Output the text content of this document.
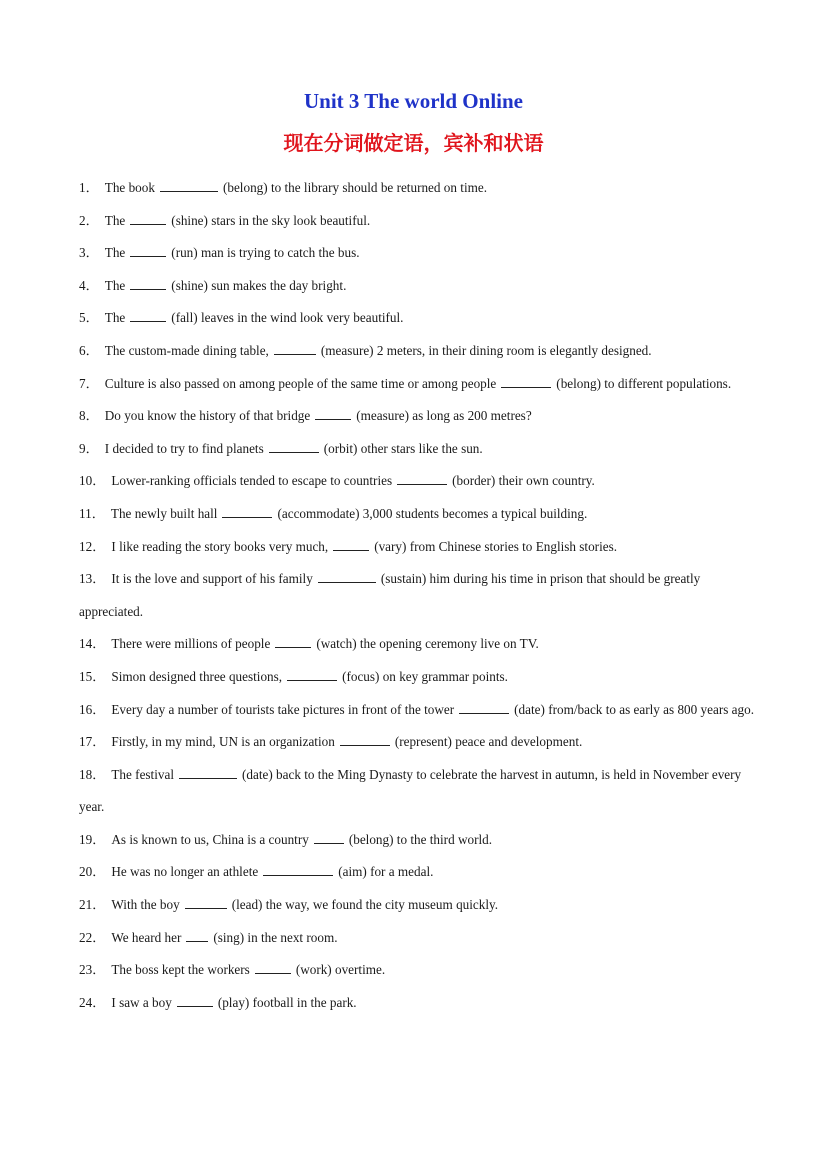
Unit 3 The world Online
现在分词做定语，宾补和状语
1． The book	(belong) to the library should be returned on time.
2． The	(shine) stars in the sky look beautiful.
3． The	(run) man is trying to catch the bus.
4． The	(shine) sun makes the day bright.
5． The	(fall) leaves in the wind look very beautiful.
6． The custom-made dining table,	(measure) 2 meters, in their dining room is elegantly designed.
7． Culture is also passed on among people of the same time or among people	(belong) to different populations.
8． Do you know the history of that bridge	(measure) as long as 200 metres?
9． I decided to try to find planets	(orbit) other stars like the sun.
10． Lower-ranking officials tended to escape to countries	(border) their own country.
11． The newly built hall	(accommodate) 3,000 students becomes a typical building.
12． I like reading the story books very much,	(vary) from Chinese stories to English stories.
13． It is the love and support of his family	(sustain) him during his time in prison that should be greatly appreciated.
14． There were millions of people	(watch) the opening ceremony live on TV.
15． Simon designed three questions,	(focus) on key grammar points.
16． Every day a number of tourists take pictures in front of the tower	(date) from/back to as early as 800 years ago.
17． Firstly, in my mind, UN is an organization	(represent) peace and development.
18． The festival	(date) back to the Ming Dynasty to celebrate the harvest in autumn, is held in November every year.
19． As is known to us, China is a country	(belong) to the third world.
20． He was no longer an athlete	(aim) for a medal.
21． With the boy	(lead) the way, we found the city museum quickly.
22． We heard her (sing) in the next room.
23． The boss kept the workers	(work) overtime.
24． I saw a boy	(play) football in the park.
